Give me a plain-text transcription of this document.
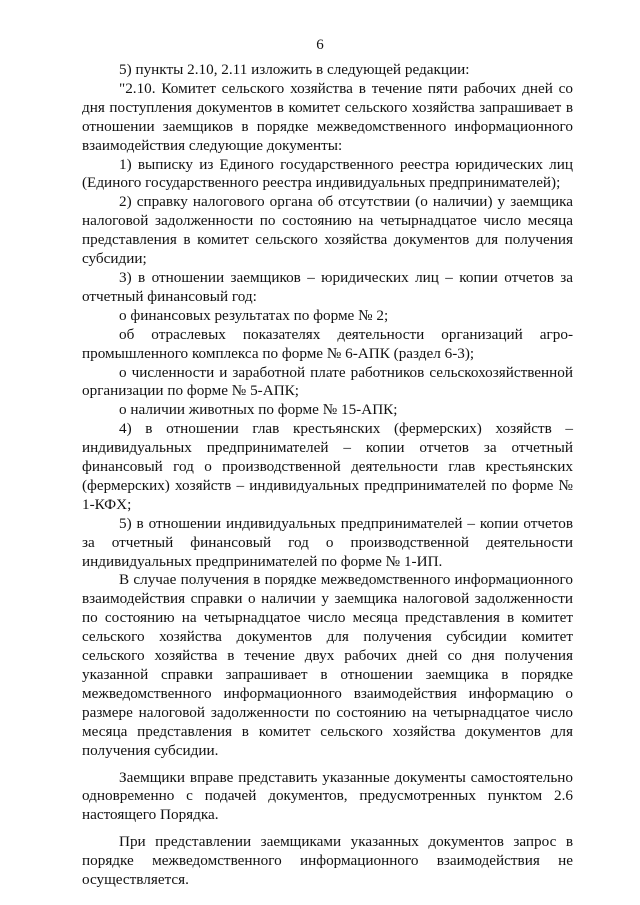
6

5) пункты 2.10, 2.11 изложить в следующей редакции:

"2.10. Комитет сельского хозяйства в течение пяти рабочих дней со дня поступления документов в комитет сельского хозяйства запрашивает в отношении заемщиков в порядке межведомственного информационного взаимодействия следующие документы:

1) выписку из Единого государственного реестра юридических лиц (Единого государственного реестра индивидуальных предпринимателей);

2) справку налогового органа об отсутствии (о наличии) у заемщика налоговой задолженности по состоянию на четырнадцатое число месяца представления в комитет сельского хозяйства документов для получения субсидии;

3) в отношении заемщиков – юридических лиц – копии отчетов за отчетный финансовый год:

о финансовых результатах по форме № 2;

об отраслевых показателях деятельности организаций агро-промышленного комплекса по форме № 6-АПК (раздел 6-3);

о численности и заработной плате работников сельскохозяйственной организации по форме № 5-АПК;

о наличии животных по форме № 15-АПК;

4) в отношении глав крестьянских (фермерских) хозяйств – индивидуальных предпринимателей – копии отчетов за отчетный финансовый год о производственной деятельности глав крестьянских (фермерских) хозяйств – индивидуальных предпринимателей по форме № 1-КФХ;

5) в отношении индивидуальных предпринимателей – копии отчетов за отчетный финансовый год о производственной деятельности индивидуальных предпринимателей по форме № 1-ИП.

В случае получения в порядке межведомственного информационного взаимодействия справки о наличии у заемщика налоговой задолженности по состоянию на четырнадцатое число месяца представления в комитет сельского хозяйства документов для получения субсидии комитет сельского хозяйства в течение двух рабочих дней со дня получения указанной справки запрашивает в отношении заемщика в порядке межведомственного информационного взаимодействия информацию о размере налоговой задолженности по состоянию на четырнадцатое число месяца представления в комитет сельского хозяйства документов для получения субсидии.

Заемщики вправе представить указанные документы самостоятельно одновременно с подачей документов, предусмотренных пунктом 2.6 настоящего Порядка.

При представлении заемщиками указанных документов запрос в порядке межведомственного информационного взаимодействия не осуществляется.
